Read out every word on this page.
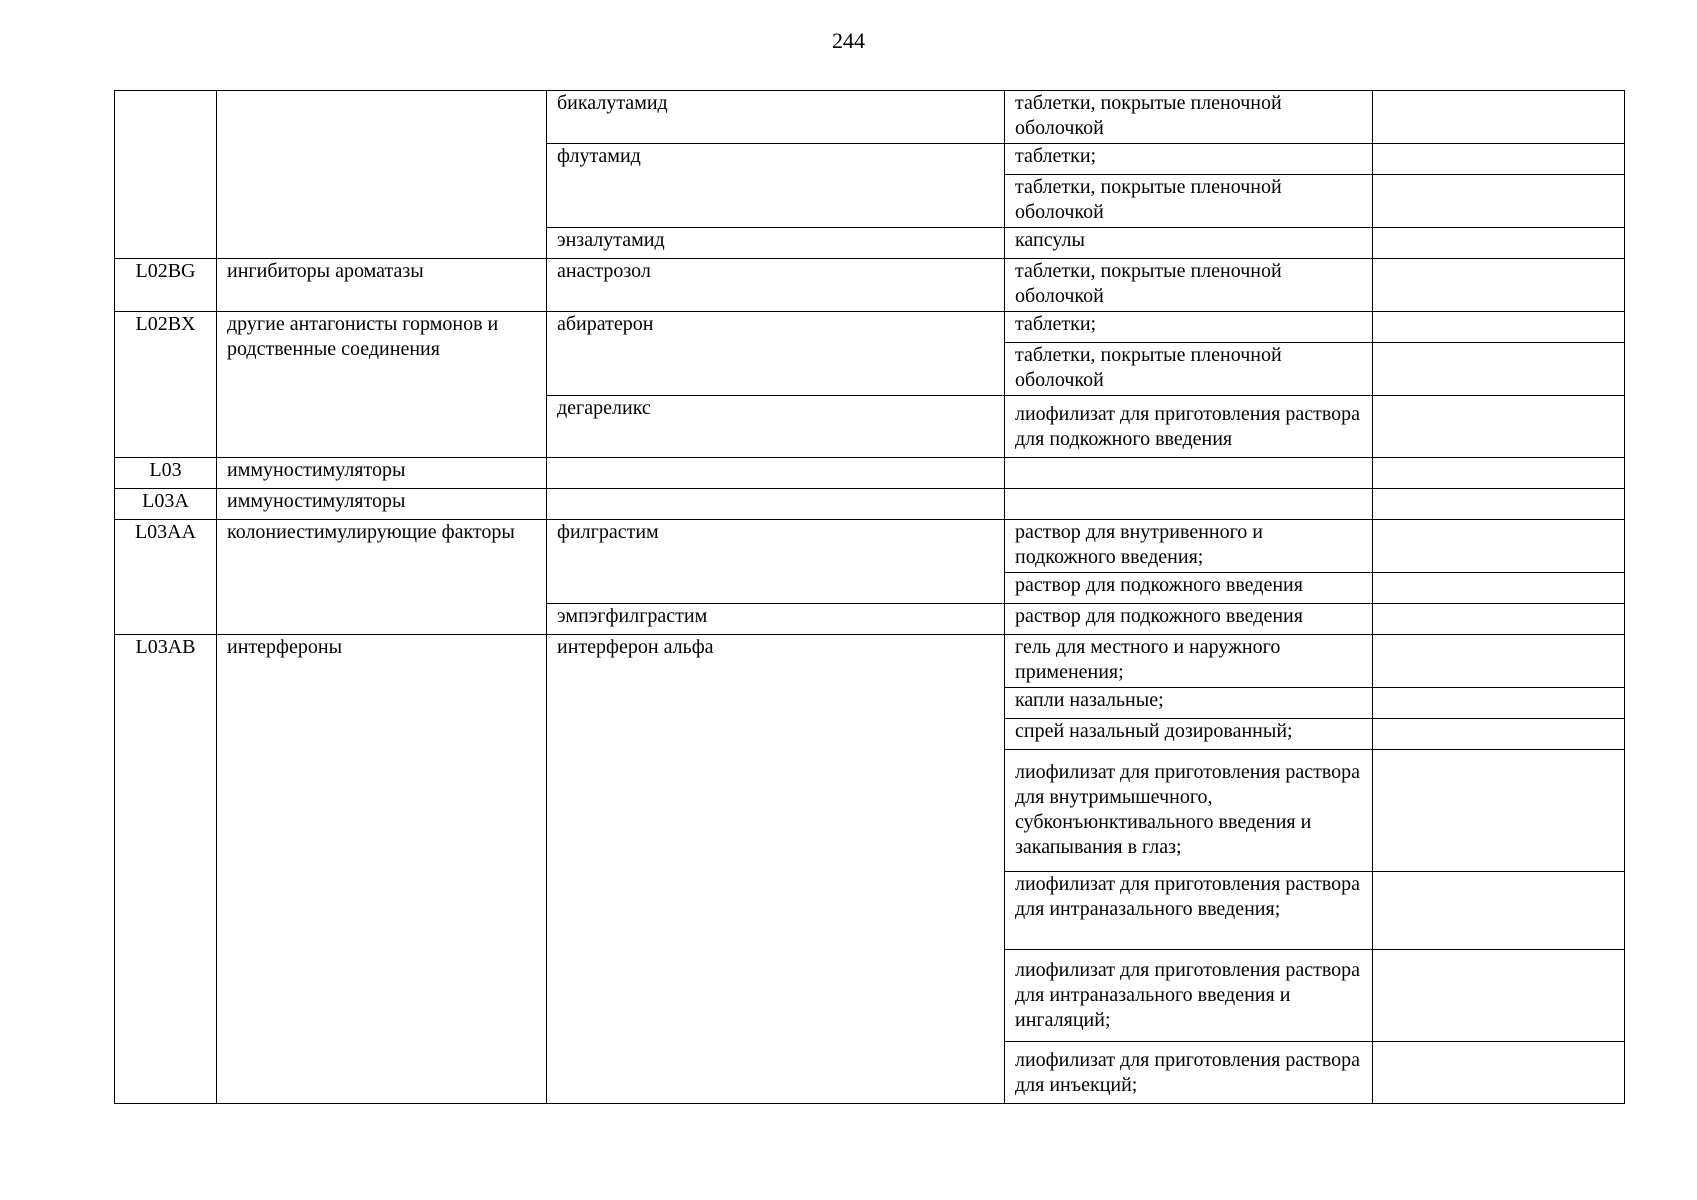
244
		бикалутамид	таблетки, покрытые пленочной оболочкой	
		флутамид	таблетки;	
			таблетки, покрытые пленочной оболочкой	
		энзалутамид	капсулы	
L02BG	ингибиторы ароматазы	анастрозол	таблетки, покрытые пленочной оболочкой	
L02BX	другие антагонисты гормонов и родственные соединения	абиратерон	таблетки;	
			таблетки, покрытые пленочной оболочкой	
		дегареликс	лиофилизат для приготовления раствора для подкожного введения	
L03	иммуностимуляторы			
L03A	иммуностимуляторы			
L03AA	колониестимулирующие факторы	филграстим	раствор для внутривенного и подкожного введения;	
			раствор для подкожного введения	
		эмпэгфилграстим	раствор для подкожного введения	
L03AB	интерфероны	интерферон альфа	гель для местного и наружного применения;	
			капли назальные;	
			спрей назальный дозированный;	
			лиофилизат для приготовления раствора для внутримышечного, субконъюнктивального введения и закапывания в глаз;	
			лиофилизат для приготовления раствора для интраназального введения;	
			лиофилизат для приготовления раствора для интраназального введения и ингаляций;	
			лиофилизат для приготовления раствора для инъекций;	
